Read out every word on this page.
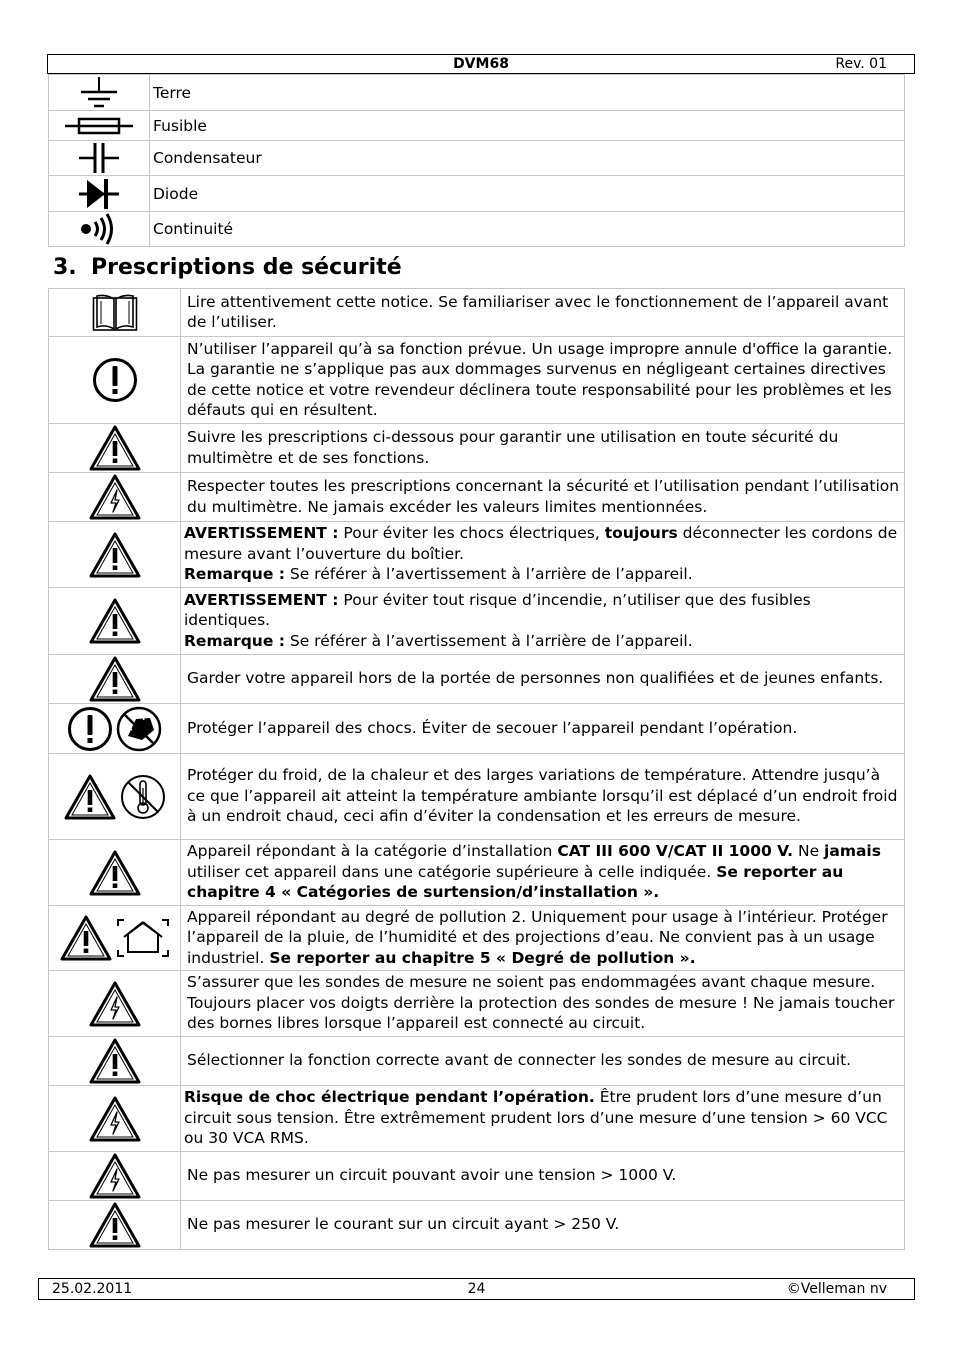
DVM68	Rev. 01
	Terre
	Fusible
	Condensateur
	Diode
	Continuité
3. Prescriptions de sécurité
	Lire attentivement cette notice. Se familiariser avec le fonctionnement de l’appareil avant de l’utiliser.
	N’utiliser l’appareil qu’à sa fonction prévue. Un usage impropre annule d'office la garantie. La garantie ne s’applique pas aux dommages survenus en négligeant certaines directives de cette notice et votre revendeur déclinera toute responsabilité pour les problèmes et les défauts qui en résultent.
	Suivre les prescriptions ci-dessous pour garantir une utilisation en toute sécurité du multimètre et de ses fonctions.
	Respecter toutes les prescriptions concernant la sécurité et l’utilisation pendant l’utilisation du multimètre. Ne jamais excéder les valeurs limites mentionnées.
	AVERTISSEMENT : Pour éviter les chocs électriques, toujours déconnecter les cordons de mesure avant l’ouverture du boîtier.
Remarque : Se référer à l’avertissement à l’arrière de l’appareil.
	AVERTISSEMENT : Pour éviter tout risque d’incendie, n’utiliser que des fusibles identiques.
Remarque : Se référer à l’avertissement à l’arrière de l’appareil.
	Garder votre appareil hors de la portée de personnes non qualifiées et de jeunes enfants.
	Protéger l’appareil des chocs. Éviter de secouer l’appareil pendant l’opération.
	Protéger du froid, de la chaleur et des larges variations de température. Attendre jusqu’à ce que l’appareil ait atteint la température ambiante lorsqu’il est déplacé d’un endroit froid à un endroit chaud, ceci afin d’éviter la condensation et les erreurs de mesure.
	Appareil répondant à la catégorie d’installation CAT III 600 V/CAT II 1000 V. Ne jamais utiliser cet appareil dans une catégorie supérieure à celle indiquée. Se reporter au chapitre 4 « Catégories de surtension/d’installation ».
	Appareil répondant au degré de pollution 2. Uniquement pour usage à l’intérieur. Protéger l’appareil de la pluie, de l’humidité et des projections d’eau. Ne convient pas à un usage industriel. Se reporter au chapitre 5 « Degré de pollution ».
	S’assurer que les sondes de mesure ne soient pas endommagées avant chaque mesure. Toujours placer vos doigts derrière la protection des sondes de mesure ! Ne jamais toucher des bornes libres lorsque l’appareil est connecté au circuit.
	Sélectionner la fonction correcte avant de connecter les sondes de mesure au circuit.
	Risque de choc électrique pendant l’opération. Être prudent lors d’une mesure d’un circuit sous tension. Être extrêmement prudent lors d’une mesure d’une tension > 60 VCC ou 30 VCA RMS.
	Ne pas mesurer un circuit pouvant avoir une tension > 1000 V.
	Ne pas mesurer le courant sur un circuit ayant > 250 V.
25.02.2011	24	©Velleman nv
